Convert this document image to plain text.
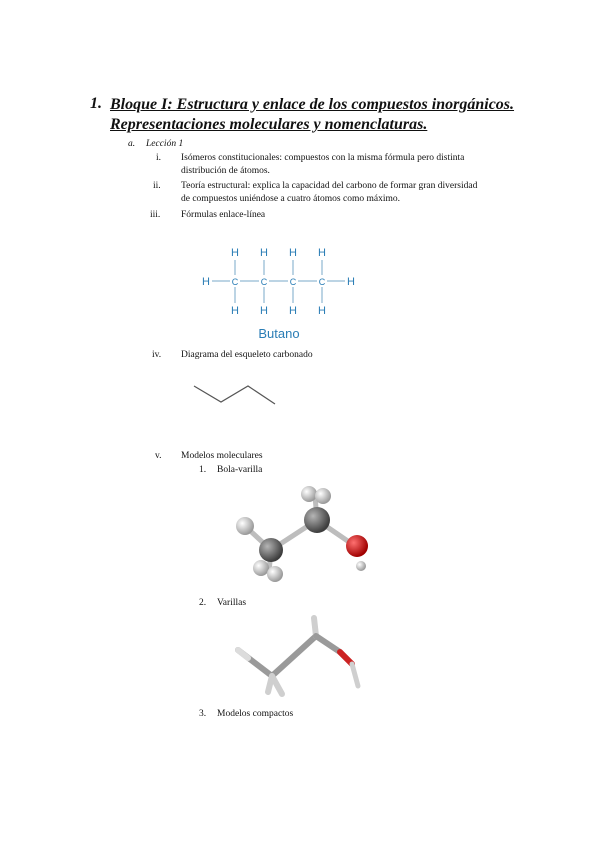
1. Bloque I: Estructura y enlace de los compuestos inorgánicos.
Representaciones moleculares y nomenclaturas.
a. Lección 1
i. Isómeros constitucionales: compuestos con la misma fórmula pero distinta
distribución de átomos.
ii. Teoría estructural: explica la capacidad del carbono de formar gran diversidad
de compuestos uniéndose a cuatro átomos como máximo.
iii. Fórmulas enlace-línea
H H H H
H C	C	C	C H
H H H H
Butano
iv. Diagrama del esqueleto carbonado
v. Modelos moleculares
1. Bola-varilla
2. Varillas
3. Modelos compactos
